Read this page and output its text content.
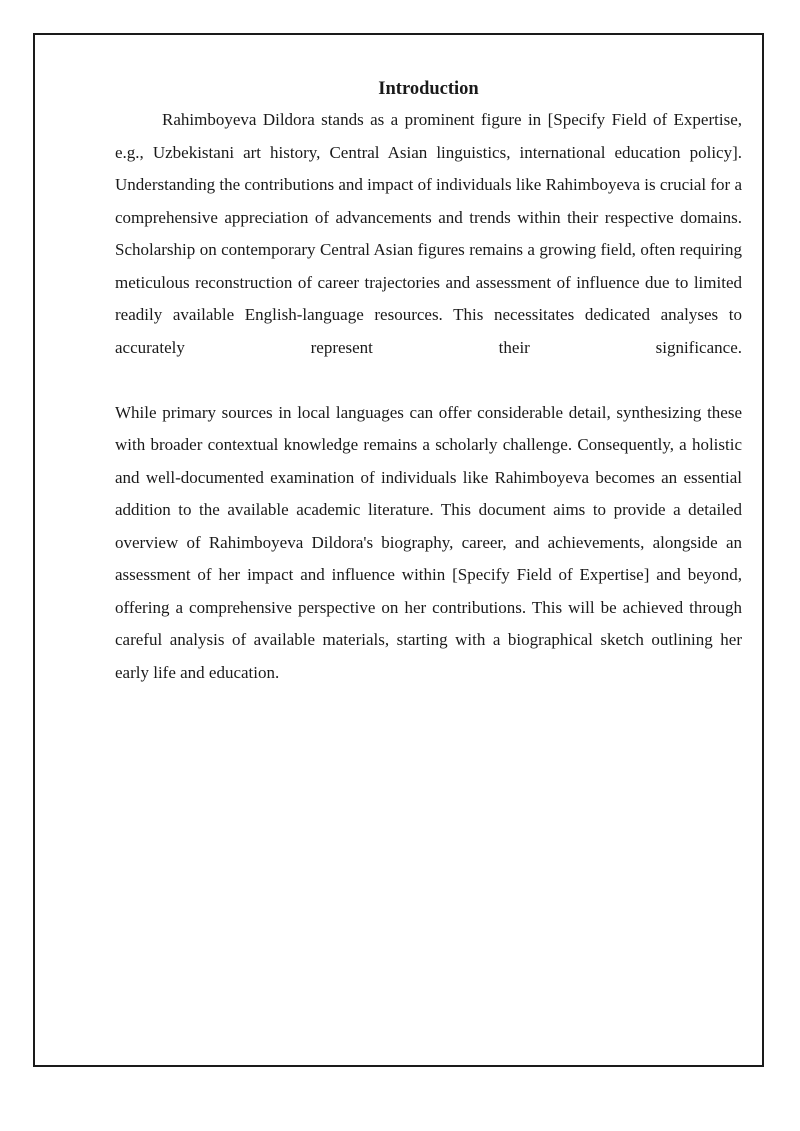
Introduction

Rahimboyeva Dildora stands as a prominent figure in [Specify Field of Expertise, e.g., Uzbekistani art history, Central Asian linguistics, international education policy]. Understanding the contributions and impact of individuals like Rahimboyeva is crucial for a comprehensive appreciation of advancements and trends within their respective domains. Scholarship on contemporary Central Asian figures remains a growing field, often requiring meticulous reconstruction of career trajectories and assessment of influence due to limited readily available English-language resources. This necessitates dedicated analyses to accurately represent their significance.

While primary sources in local languages can offer considerable detail, synthesizing these with broader contextual knowledge remains a scholarly challenge. Consequently, a holistic and well-documented examination of individuals like Rahimboyeva becomes an essential addition to the available academic literature. This document aims to provide a detailed overview of Rahimboyeva Dildora's biography, career, and achievements, alongside an assessment of her impact and influence within [Specify Field of Expertise] and beyond, offering a comprehensive perspective on her contributions. This will be achieved through careful analysis of available materials, starting with a biographical sketch outlining her early life and education.
